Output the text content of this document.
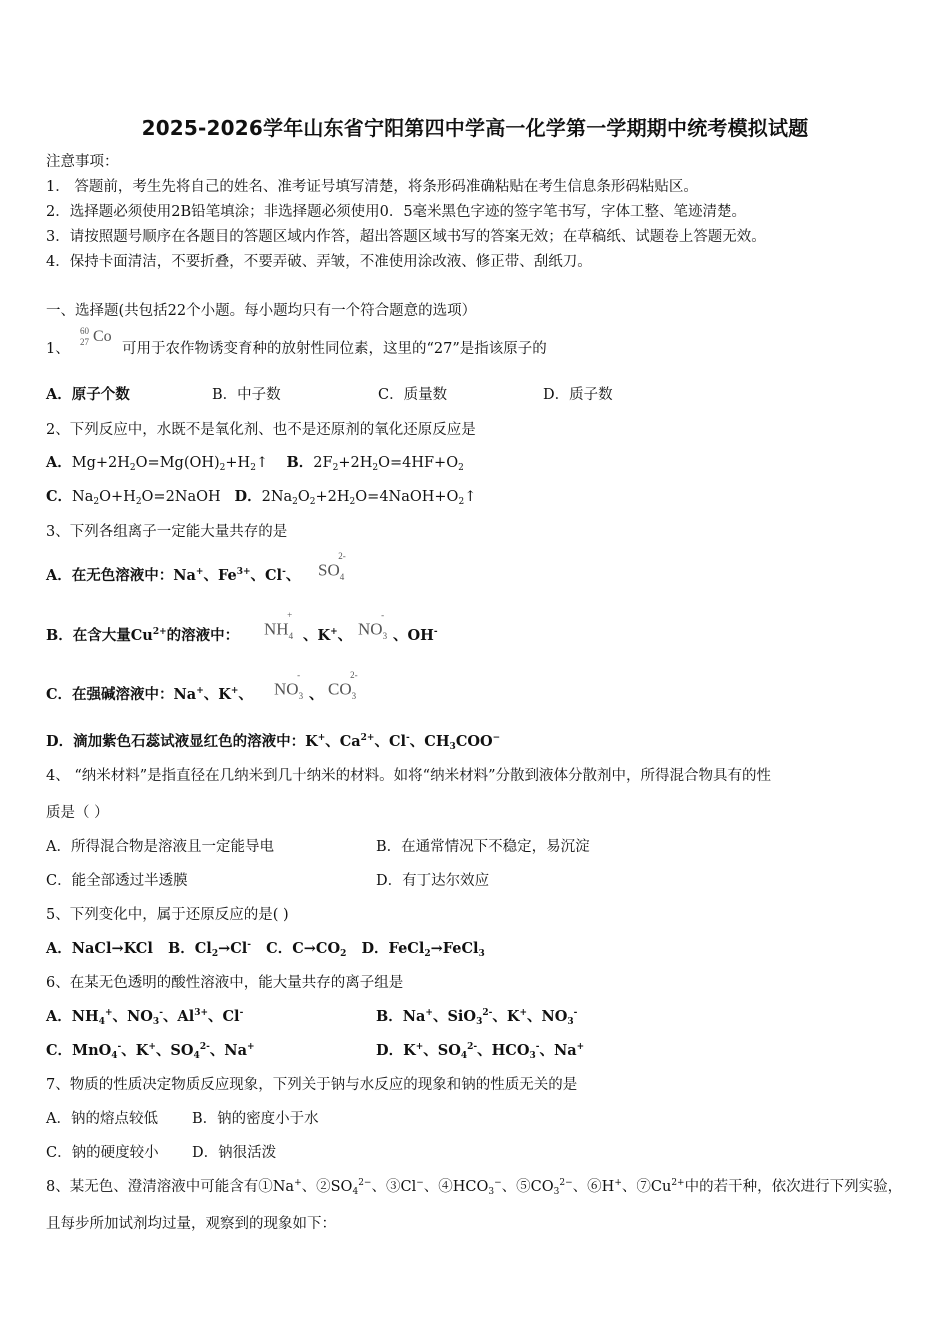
2025-2026学年山东省宁阳第四中学高一化学第一学期期中统考模拟试题
注意事项：
1． 答题前，考生先将自己的姓名、准考证号填写清楚，将条形码准确粘贴在考生信息条形码粘贴区。
2．选择题必须使用2B铅笔填涂；非选择题必须使用0．5毫米黑色字迹的签字笔书写，字体工整、笔迹清楚。
3．请按照题号顺序在各题目的答题区域内作答，超出答题区域书写的答案无效；在草稿纸、试题卷上答题无效。
4．保持卡面清洁，不要折叠，不要弄破、弄皱，不准使用涂改液、修正带、刮纸刀。
一、选择题(共包括22个小题。每小题均只有一个符合题意的选项）
1、
60
27 Co
可用于农作物诱变育种的放射性同位素，这里的“27”是指该原子的
A．原子个数	B．中子数	C．质量数	D．质子数
2、下列反应中，水既不是氧化剂、也不是还原剂的氧化还原反应是
A．$Mg+2H_2O=Mg(OH)_2+H_2↑$    B．$2F_2+2H_2O=4HF+O_2$
C．$Na_2O+H_2O=2NaOH$   D．$2Na_2O_2+2H_2O=4NaOH+O_2↑$
3、下列各组离子一定能大量共存的是
A．在无色溶液中：Na+、$Fe^{3+}$、Cl-、 $SO_4^{2-}$
B．在含大量$Cu^{2+}$的溶液中： $NH_4^+$
、K+、 $NO_3^-$
、OH-
C．在强碱溶液中：Na+、K+、 $NO_3^-$
、 $CO_3^{2-}$
D．滴加紫色石蕊试液显红色的溶液中：K+、$Ca^{2+}$、Cl-、$CH_3COO^-$
4、 “纳米材料”是指直径在几纳米到几十纳米的材料。如将“纳米材料”分散到液体分散剂中，所得混合物具有的性
质是（ ）
A．所得混合物是溶液且一定能导电	B．在通常情况下不稳定，易沉淀
C．能全部透过半透膜	D．有丁达尔效应
5、下列变化中，属于还原反应的是( )
A．NaCl→KCl   B．$Cl_2\to Cl^-$   C．$C\to CO_2$   D．FeCl$_2$→FeCl$_3$
6、在某无色透明的酸性溶液中，能大量共存的离子组是
A．$NH_4^+$、$NO_3^-$、$Al^{3+}$、Cl-	B．Na+、SiO$_3^{2-}$、K+、$NO_3^-$
C．MnO$_4$-、K+、$SO_4^{2-}$、Na+	D．K+、$SO_4^{2-}$、$HCO_3^-$、Na+
7、物质的性质决定物质反应现象，下列关于钠与水反应的现象和钠的性质无关的是
A．钠的熔点较低 B．钠的密度小于水
C．钠的硬度较小 D．钠很活泼
8、某无色、澄清溶液中可能含有①Na+、$②SO_4^{2-}$、③Cl−、$④HCO_3^-$、$⑤CO_3^{2-}$、⑥H+、$⑦Cu^{2+}$中的若干种，依次进行下列实验，
且每步所加试剂均过量，观察到的现象如下：
